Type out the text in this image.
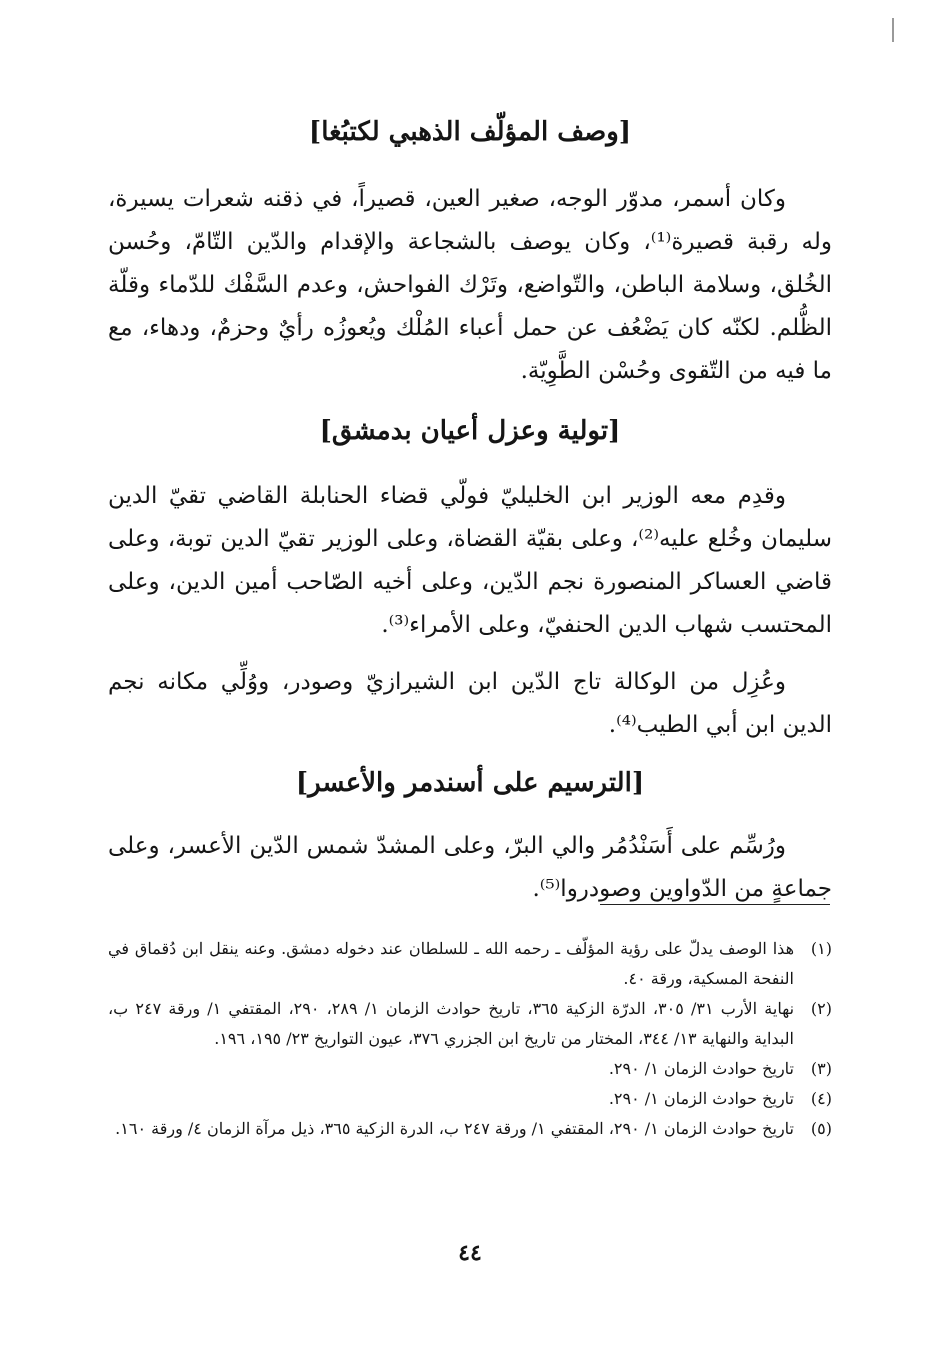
[وصف المؤلّف الذهبي لكتبُغا]

وكان أسمر، مدوّر الوجه، صغير العين، قصيراً، في ذقنه شعرات يسيرة، وله رقبة قصيرة⁽¹⁾، وكان يوصف بالشجاعة والإقدام والدّين التّامّ، وحُسن الخُلق، وسلامة الباطن، والتّواضع، وتَرْك الفواحش، وعدم السَّفْك للدّماء وقلّة الظُّلم. لكنّه كان يَضْعُف عن حمل أعباء المُلْك ويُعوزُه رأيٌ وحزمٌ، ودهاء، مع ما فيه من التّقوى وحُسْن الطَّوِيّة.

[تولية وعزل أعيان بدمشق]

وقدِم معه الوزير ابن الخليليّ فولّي قضاء الحنابلة القاضي تقيّ الدين سليمان وخُلع عليه⁽²⁾، وعلى بقيّة القضاة، وعلى الوزير تقيّ الدين توبة، وعلى قاضي العساكر المنصورة نجم الدّين، وعلى أخيه الصّاحب أمين الدين، وعلى المحتسب شهاب الدين الحنفيّ، وعلى الأمراء⁽³⁾.

وعُزِل من الوكالة تاج الدّين ابن الشيرازيّ وصودر، ووُلِّي مكانه نجم الدين ابن أبي الطيب⁽⁴⁾.

[الترسيم على أسندمر والأعسر]

ورُسِّم على أَسَنْدُمُر والي البرّ، وعلى المشدّ شمس الدّين الأعسر، وعلى جماعةٍ من الدّواوين وصودروا⁽⁵⁾.

(١)
هذا الوصف يدلّ على رؤية المؤلّف ـ رحمه الله ـ للسلطان عند دخوله دمشق. وعنه ينقل ابن دُقماق في النفحة المسكية، ورقة ٤٠.
(٢)
نهاية الأرب ٣١/ ٣٠٥، الدرّة الزكية ٣٦٥، تاريخ حوادث الزمان ١/ ٢٨٩، ٢٩٠، المقتفي ١/ ورقة ٢٤٧ ب، البداية والنهاية ١٣/ ٣٤٤، المختار من تاريخ ابن الجزري ٣٧٦، عيون التواريخ ٢٣/ ١٩٥، ١٩٦.
(٣)
تاريخ حوادث الزمان ١/ ٢٩٠.
(٤)
تاريخ حوادث الزمان ١/ ٢٩٠.
(٥)
تاريخ حوادث الزمان ١/ ٢٩٠، المقتفي ١/ ورقة ٢٤٧ ب، الدرة الزكية ٣٦٥، ذيل مرآة الزمان ٤/ ورقة ١٦٠.
٤٤
